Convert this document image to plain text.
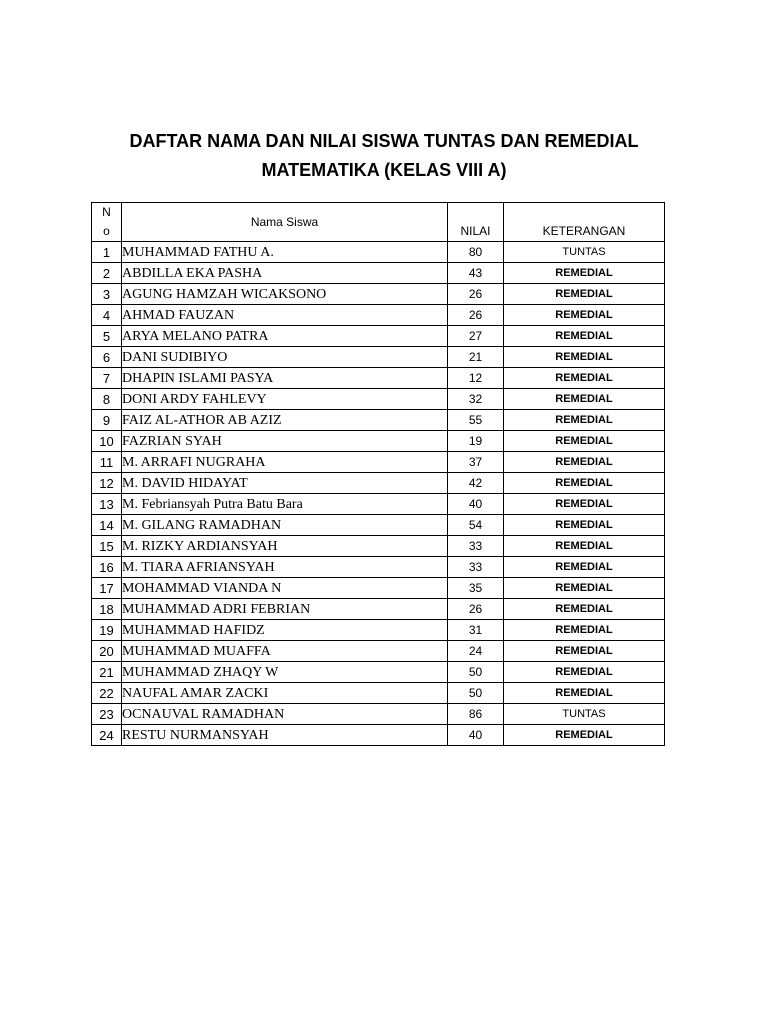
DAFTAR NAMA DAN NILAI SISWA TUNTAS DAN REMEDIAL
MATEMATIKA (KELAS VIII A)
N
o	Nama Siswa	NILAI	KETERANGAN
1	MUHAMMAD FATHU A.	80	TUNTAS
2	ABDILLA EKA PASHA	43	REMEDIAL
3	AGUNG HAMZAH WICAKSONO	26	REMEDIAL
4	AHMAD FAUZAN	26	REMEDIAL
5	ARYA MELANO PATRA	27	REMEDIAL
6	DANI SUDIBIYO	21	REMEDIAL
7	DHAPIN ISLAMI PASYA	12	REMEDIAL
8	DONI ARDY FAHLEVY	32	REMEDIAL
9	FAIZ AL-ATHOR AB AZIZ	55	REMEDIAL
10	FAZRIAN SYAH	19	REMEDIAL
11	M. ARRAFI NUGRAHA	37	REMEDIAL
12	M. DAVID HIDAYAT	42	REMEDIAL
13	M. Febriansyah Putra Batu Bara	40	REMEDIAL
14	M. GILANG RAMADHAN	54	REMEDIAL
15	M. RIZKY ARDIANSYAH	33	REMEDIAL
16	M. TIARA AFRIANSYAH	33	REMEDIAL
17	MOHAMMAD VIANDA N	35	REMEDIAL
18	MUHAMMAD ADRI FEBRIAN	26	REMEDIAL
19	MUHAMMAD HAFIDZ	31	REMEDIAL
20	MUHAMMAD MUAFFA	24	REMEDIAL
21	MUHAMMAD ZHAQY W	50	REMEDIAL
22	NAUFAL AMAR ZACKI	50	REMEDIAL
23	OCNAUVAL RAMADHAN	86	TUNTAS
24	RESTU NURMANSYAH	40	REMEDIAL
